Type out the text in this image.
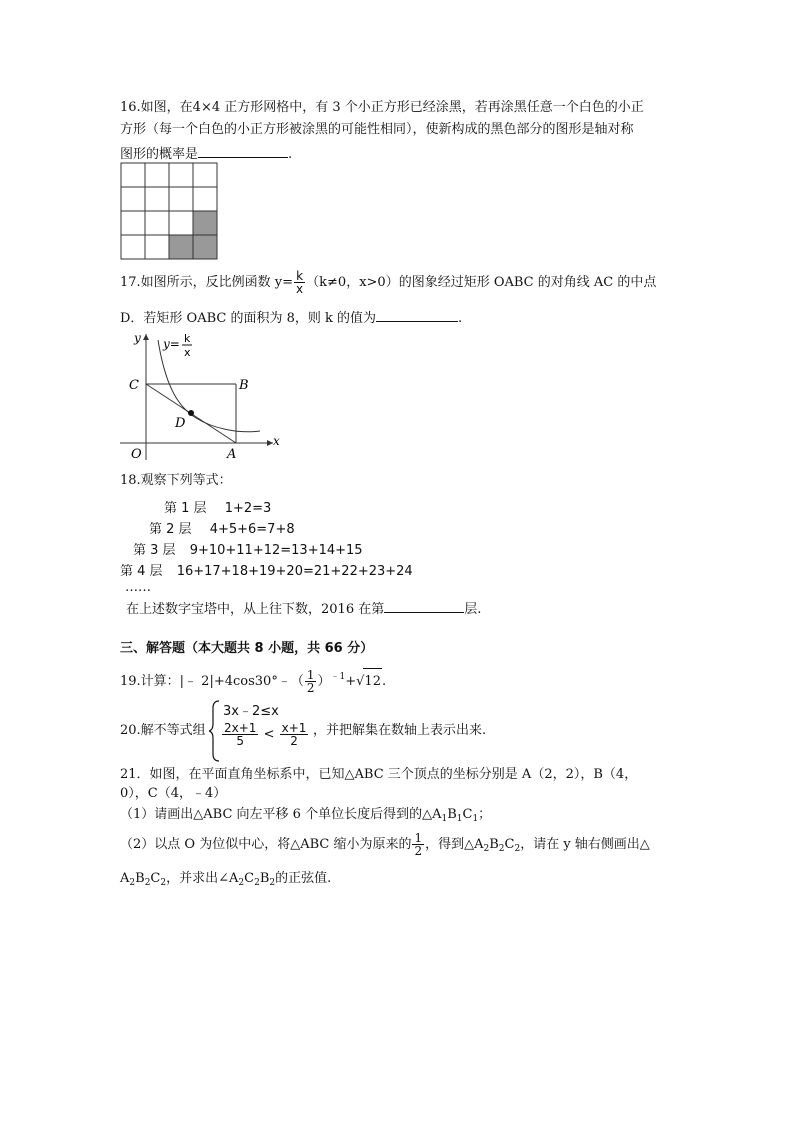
16.如图，在4×4 正方形网格中，有 3 个小正方形已经涂黑，若再涂黑任意一个白色的小正
方形（每一个白色的小正方形被涂黑的可能性相同），使新构成的黑色部分的图形是轴对称
图形的概率是	.
17.如图所示，反比例函数 $y= \frac{k}{x} (k\ne 0$，x>0）的图象经过矩形 OABC 的对角线 AC 的中点
D．若矩形 OABC 的面积为 8，则 k 的值为	.
y
x
y= k
x
C	B
D
O	A
18.观察下列等式：
第 1 层 1+2=3
第 2 层 4+5+6=7+8
第 3 层 9+10+11+12=13+14+15
第 4 层 16+17+18+19+20=21+22+23+24
……
在上述数字宝塔中，从上往下数，2016 在第	层.
三、解答题（本大题共 8 小题，共 66 分）
19.计算：|﹣ 2|+4cos30°﹣（ $\frac{1}{2} )^{﹣1}+√12$.
20.解不等式组
3x﹣2≤x
$\frac{2x+1}{5} < \frac{x+1}{2}$ ，并把解集在数轴上表示出来.
21．如图，在平面直角坐标系中，已知△ABC 三个顶点的坐标分别是 A（2，2），B（4，
0），C（4，﹣4）
（1）请画出△ABC 向左平移 6 个单位长度后得到的$\triangle A_1B_1C_1$；
（2）以点 O 为位似中心，将△ABC 缩小为原来的 $\frac{1}{2}$ ，得到$\triangle A_2B_2C_2$，请在 y 轴右侧画出△
$A_2B_2C_2$，并求出$\angle A_2C_2B_2$的正弦值.
